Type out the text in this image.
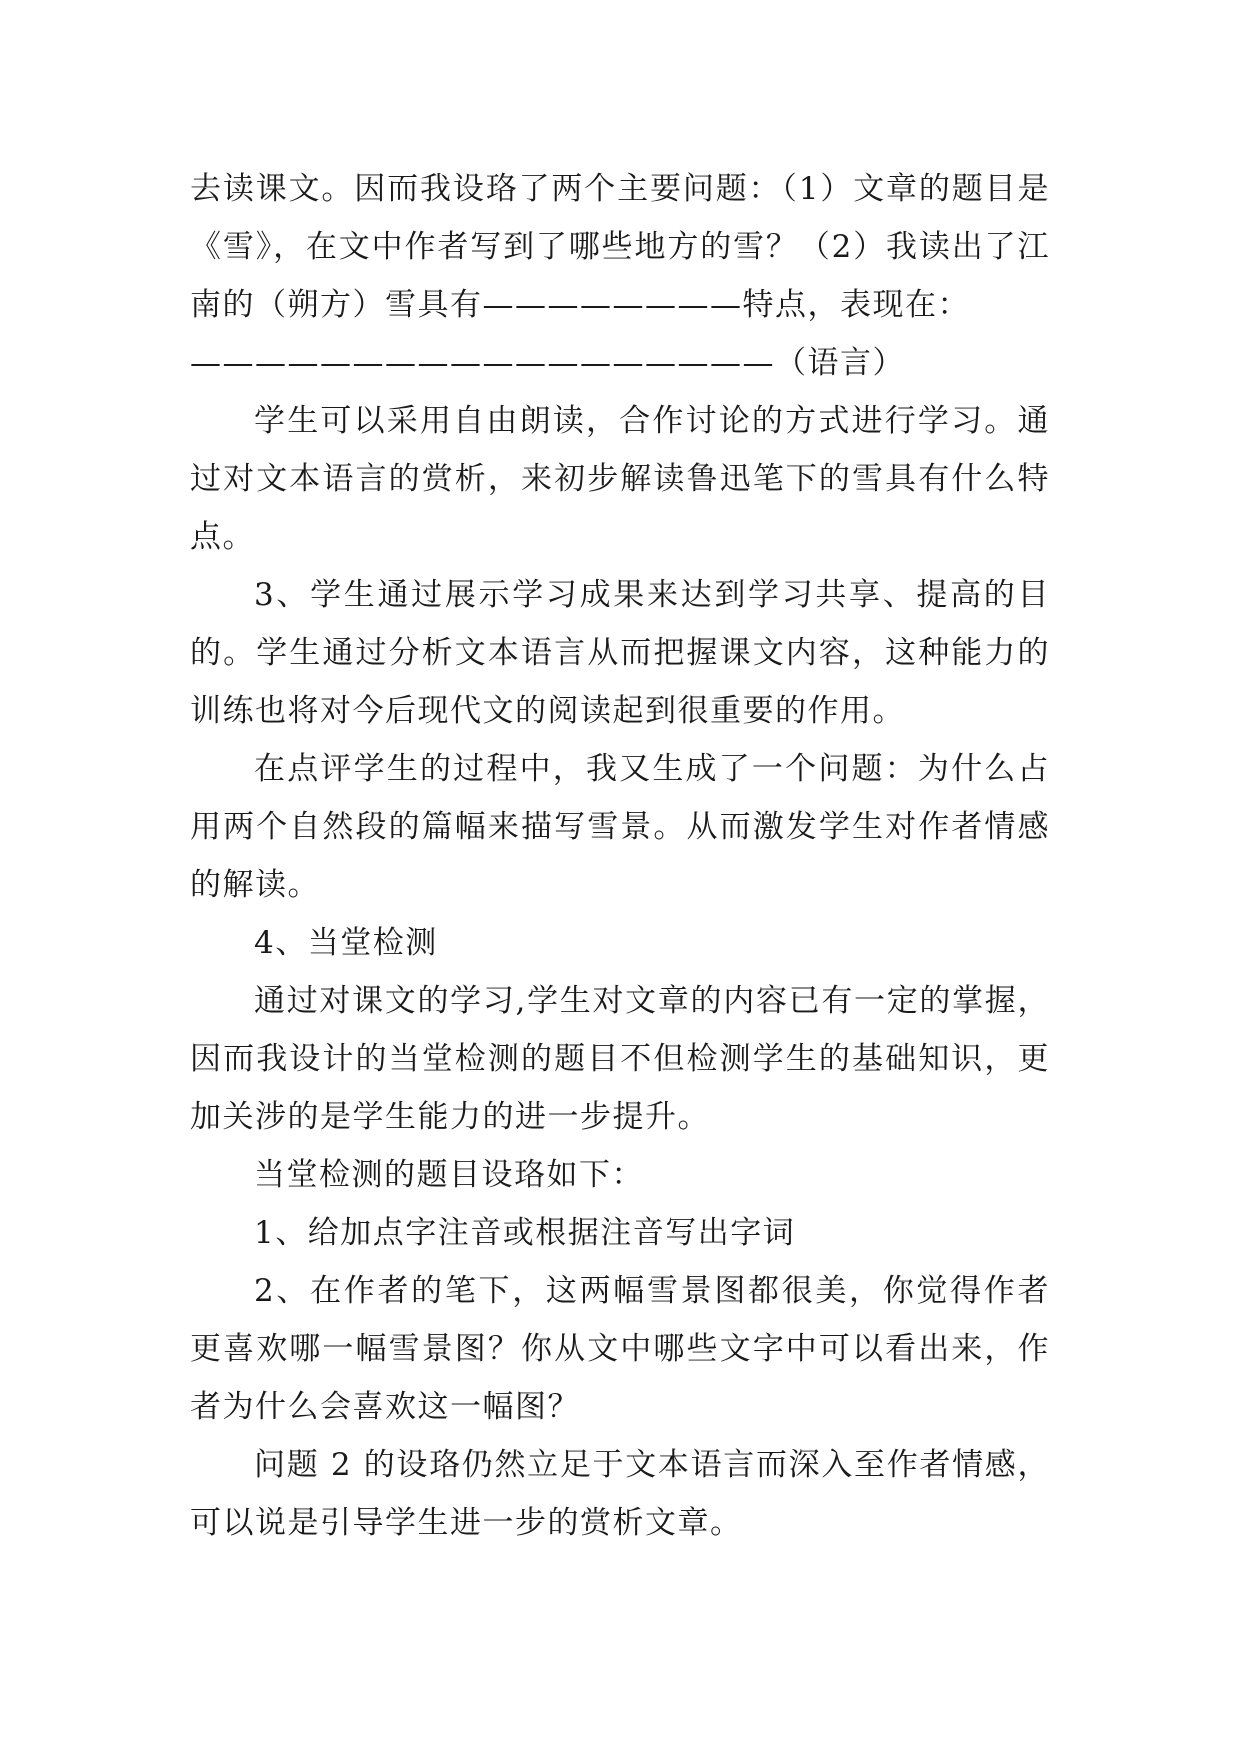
去读课文。因而我设珞了两个主要问题：（1）文章的题目是《雪》，在文中作者写到了哪些地方的雪？（2）我读出了江南的（朔方）雪具有————————特点，表现在：

——————————————————（语言）

学生可以采用自由朗读，合作讨论的方式进行学习。通过对文本语言的赏析，来初步解读鲁迅笔下的雪具有什么特点。

3、学生通过展示学习成果来达到学习共享、提高的目的。学生通过分析文本语言从而把握课文内容，这种能力的训练也将对今后现代文的阅读起到很重要的作用。

在点评学生的过程中，我又生成了一个问题：为什么占用两个自然段的篇幅来描写雪景。从而激发学生对作者情感的解读。

4、当堂检测

通过对课文的学习,学生对文章的内容已有一定的掌握，因而我设计的当堂检测的题目不但检测学生的基础知识，更加关涉的是学生能力的进一步提升。

当堂检测的题目设珞如下：

1、给加点字注音或根据注音写出字词

2、在作者的笔下，这两幅雪景图都很美，你觉得作者更喜欢哪一幅雪景图？你从文中哪些文字中可以看出来，作者为什么会喜欢这一幅图？

问题 2 的设珞仍然立足于文本语言而深入至作者情感，可以说是引导学生进一步的赏析文章。
